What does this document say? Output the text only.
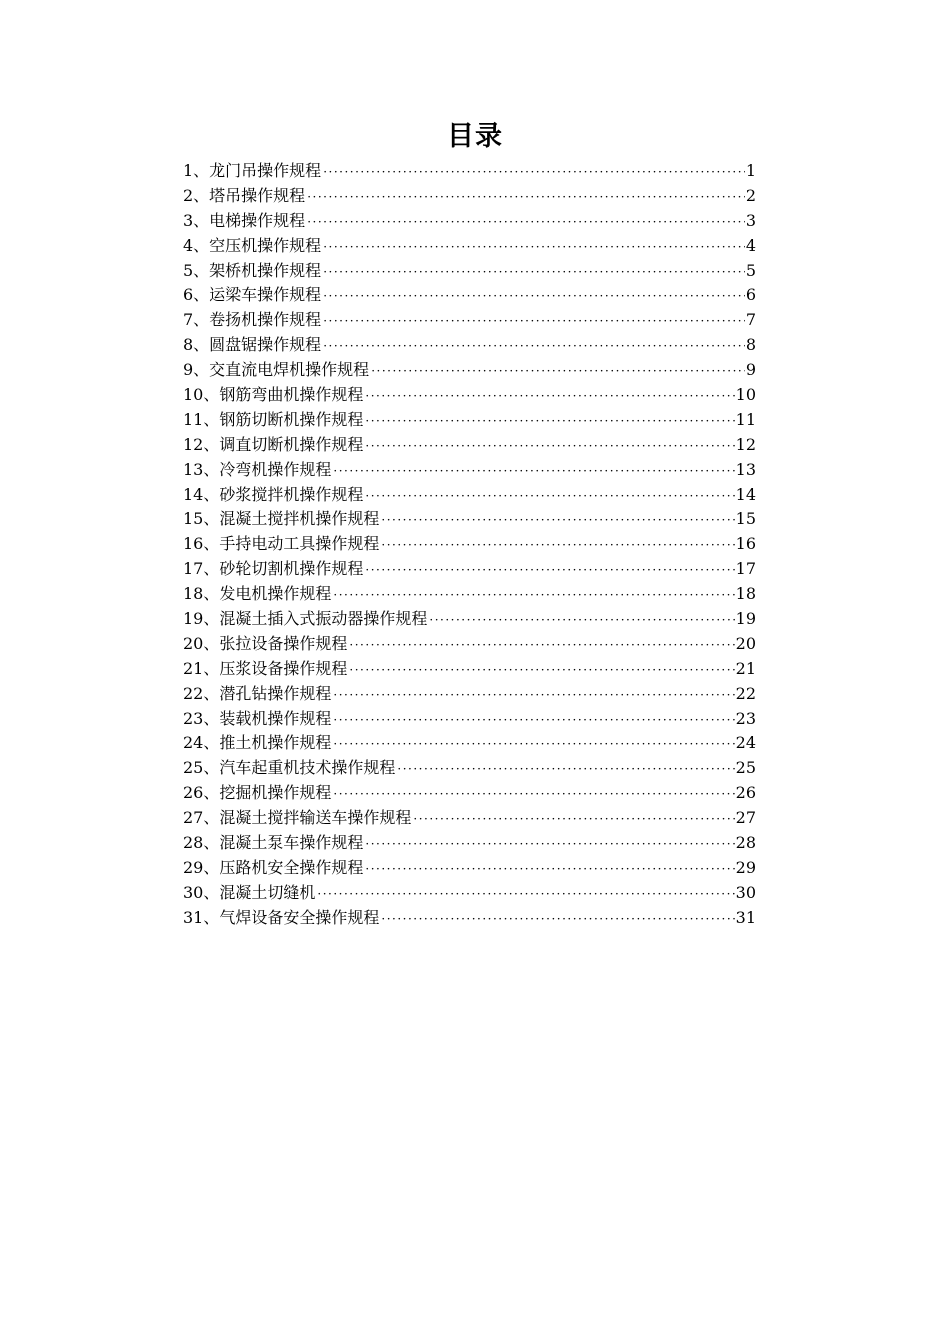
目录
1、龙门吊操作规程 ·····	1
2、塔吊操作规程 ·····	2
3、电梯操作规程 ·····	3
4、空压机操作规程 ·····	4
5、架桥机操作规程 ·····	5
6、运梁车操作规程 ·····	6
7、卷扬机操作规程 ·····	7
8、圆盘锯操作规程 ·····	8
9、交直流电焊机操作规程 ·····	9
10、钢筋弯曲机操作规程 ·····	10
11、钢筋切断机操作规程 ·····	11
12、调直切断机操作规程 ·····	12
13、冷弯机操作规程 ·····	13
14、砂浆搅拌机操作规程 ·····	14
15、混凝土搅拌机操作规程 ·····	15
16、手持电动工具操作规程 ·····	16
17、砂轮切割机操作规程 ·····	17
18、发电机操作规程 ·····	18
19、混凝土插入式振动器操作规程 ·····	19
20、张拉设备操作规程 ·····	20
21、压浆设备操作规程 ·····	21
22、潜孔钻操作规程 ·····	22
23、装载机操作规程 ·····	23
24、推土机操作规程 ·····	24
25、汽车起重机技术操作规程 ·····	25
26、挖掘机操作规程 ·····	26
27、混凝土搅拌输送车操作规程 ·····	27
28、混凝土泵车操作规程 ·····	28
29、压路机安全操作规程 ·····	29
30、混凝土切缝机 ·····	30
31、气焊设备安全操作规程 ·····	31
